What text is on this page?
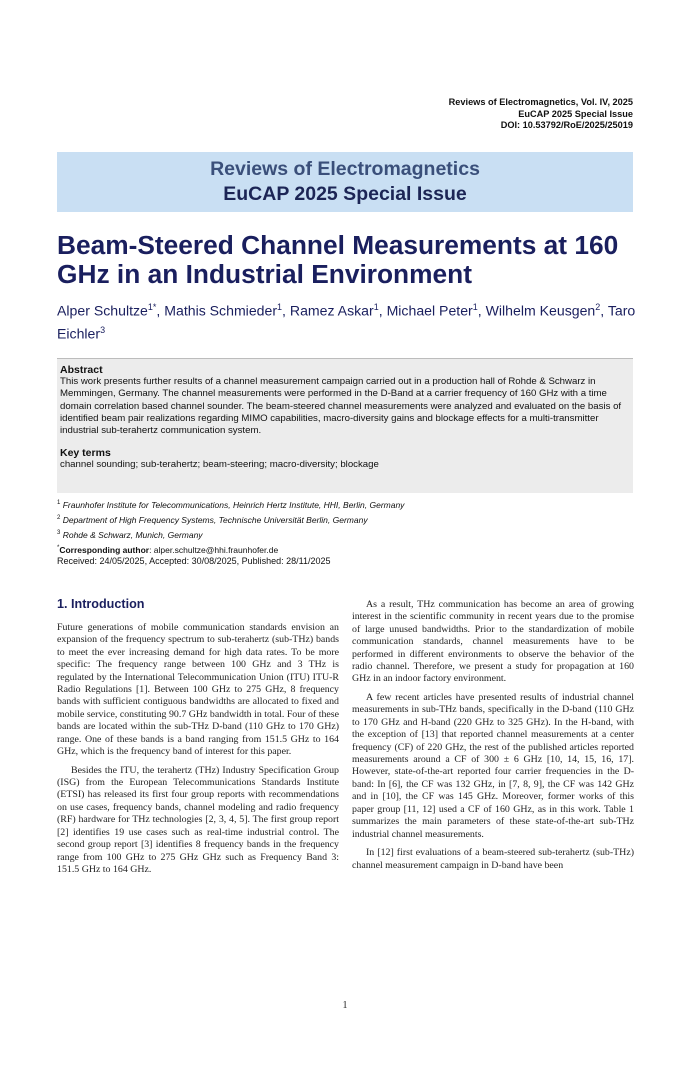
Reviews of Electromagnetics, Vol. IV, 2025
EuCAP 2025 Special Issue
DOI: 10.53792/RoE/2025/25019
Reviews of Electromagnetics
EuCAP 2025 Special Issue
Beam-Steered Channel Measurements at 160 GHz in an Industrial Environment
Alper Schultze$^{1*}$, Mathis Schmieder$^1$, Ramez Askar$^1$, Michael Peter$^1$, Wilhelm Keusgen$^2$, Taro Eichler$^3$
Abstract

This work presents further results of a channel measurement campaign carried out in a production hall of Rohde & Schwarz in Memmingen, Germany. The channel measurements were performed in the D-Band at a carrier frequency of 160 GHz with a time domain correlation based channel sounder. The beam-steered channel measurements were analyzed and evaluated on the basis of identified beam pair realizations regarding MIMO capabilities, macro-diversity gains and blockage effects for a multi-transmitter industrial sub-terahertz communication system.

Key terms

channel sounding; sub-terahertz; beam-steering; macro-diversity; blockage

$^1$ Fraunhofer Institute for Telecommunications, Heinrich Hertz Institute, HHI, Berlin, Germany
$^2$ Department of High Frequency Systems, Technische Universität Berlin, Germany
$^3$ Rohde & Schwarz, Munich, Germany
*Corresponding author: alper.schultze@hhi.fraunhofer.de
Received: 24/05/2025, Accepted: 30/08/2025, Published: 28/11/2025
1. Introduction

Future generations of mobile communication standards envision an expansion of the frequency spectrum to sub-terahertz (sub-THz) bands to meet the ever increasing demand for high data rates. To be more specific: The frequency range between 100 GHz and 3 THz is regulated by the International Telecommunication Union (ITU) ITU-R Radio Regulations [1]. Between 100 GHz to 275 GHz, 8 frequency bands with sufficient contiguous bandwidths are allocated to fixed and mobile service, constituting 90.7 GHz bandwidth in total. Four of these bands are located within the sub-THz D-band (110 GHz to 170 GHz) range. One of these bands is a band ranging from 151.5 GHz to 164 GHz, which is the frequency band of interest for this paper.

Besides the ITU, the terahertz (THz) Industry Specification Group (ISG) from the European Telecommunications Standards Institute (ETSI) has released its first four group reports with recommendations on use cases, frequency bands, channel modeling and radio frequency (RF) hardware for THz technologies [2, 3, 4, 5]. The first group report [2] identifies 19 use cases such as real-time industrial control. The second group report [3] identifies 8 frequency bands in the frequency range from 100 GHz to 275 GHz GHz such as Frequency Band 3: 151.5 GHz to 164 GHz.

As a result, THz communication has become an area of growing interest in the scientific community in recent years due to the promise of large unused bandwidths. Prior to the standardization of mobile communication standards, channel measurements have to be performed in different environments to observe the behavior of the radio channel. Therefore, we present a study for propagation at 160 GHz in an indoor factory environment.

A few recent articles have presented results of industrial channel measurements in sub-THz bands, specifically in the D-band (110 GHz to 170 GHz and H-band (220 GHz to 325 GHz). In the H-band, with the exception of [13] that reported channel measurements at a center frequency (CF) of 220 GHz, the rest of the published articles reported measurements around a CF of 300 ± 6 GHz [10, 14, 15, 16, 17]. However, state-of-the-art reported four carrier frequencies in the D-band: In [6], the CF was 132 GHz, in [7, 8, 9], the CF was 142 GHz and in [10], the CF was 145 GHz. Moreover, former works of this paper group [11, 12] used a CF of 160 GHz, as in this work. Table 1 summarizes the main parameters of these state-of-the-art sub-THz industrial channel measurements.

In [12] first evaluations of a beam-steered sub-terahertz (sub-THz) channel measurement campaign in D-band have been

1
